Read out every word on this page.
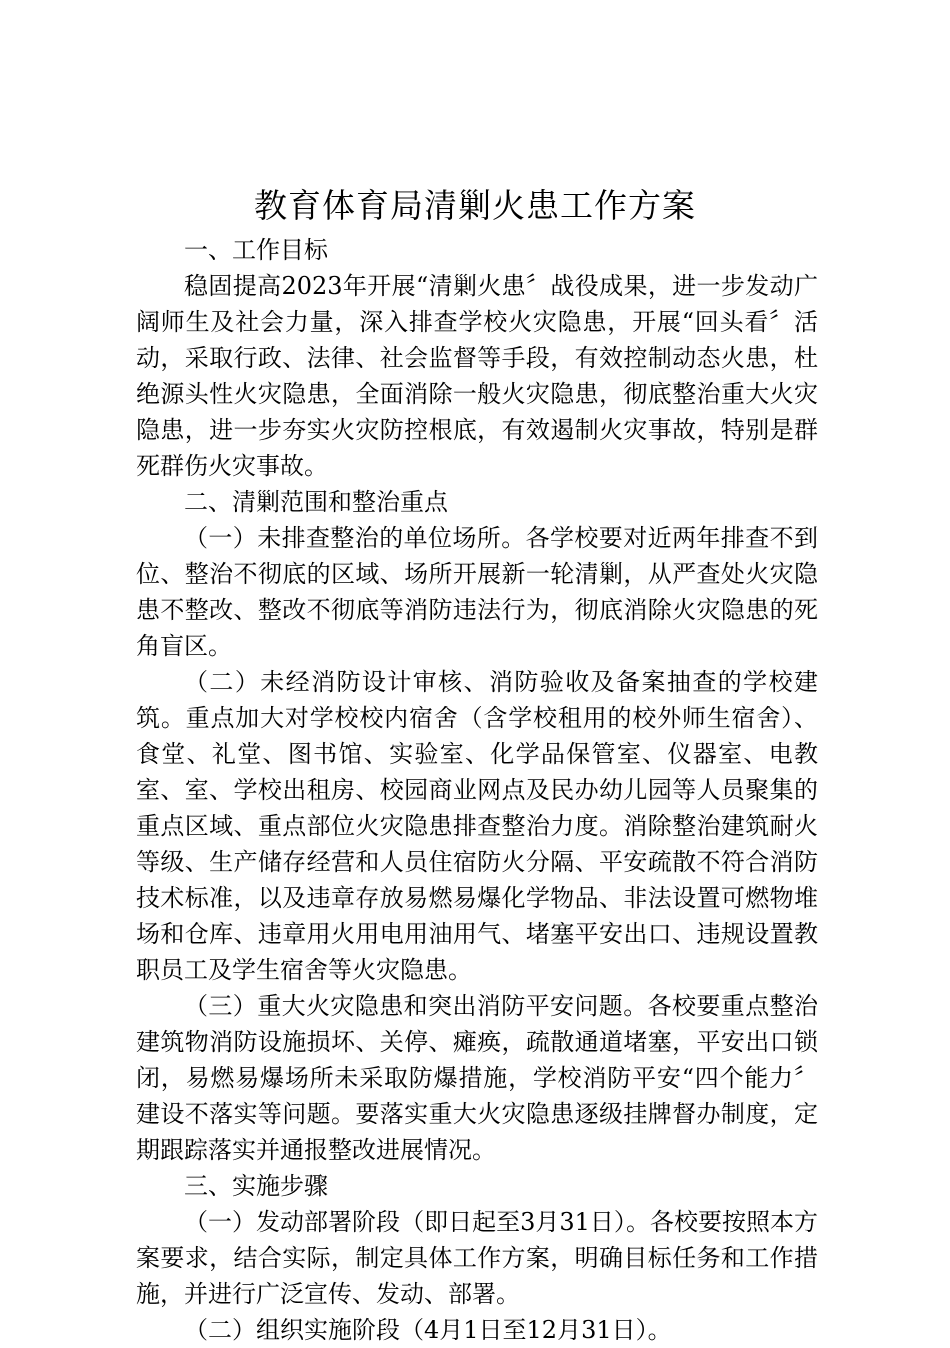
教育体育局清剿火患工作方案

一、工作目标

稳固提高2023年开展“清剿火患〞战役成果，进一步发动广阔师生及社会力量，深入排查学校火灾隐患，开展“回头看〞活动，采取行政、法律、社会监督等手段，有效控制动态火患，杜绝源头性火灾隐患，全面消除一般火灾隐患，彻底整治重大火灾隐患，进一步夯实火灾防控根底，有效遏制火灾事故，特别是群死群伤火灾事故。

二、清剿范围和整治重点

（一）未排查整治的单位场所。各学校要对近两年排查不到位、整治不彻底的区域、场所开展新一轮清剿，从严查处火灾隐患不整改、整改不彻底等消防违法行为，彻底消除火灾隐患的死角盲区。

（二）未经消防设计审核、消防验收及备案抽查的学校建筑。重点加大对学校校内宿舍（含学校租用的校外师生宿舍）、食堂、礼堂、图书馆、实验室、化学品保管室、仪器室、电教室、室、学校出租房、校园商业网点及民办幼儿园等人员聚集的重点区域、重点部位火灾隐患排查整治力度。消除整治建筑耐火等级、生产储存经营和人员住宿防火分隔、平安疏散不符合消防技术标准，以及违章存放易燃易爆化学物品、非法设置可燃物堆场和仓库、违章用火用电用油用气、堵塞平安出口、违规设置教职员工及学生宿舍等火灾隐患。

（三）重大火灾隐患和突出消防平安问题。各校要重点整治建筑物消防设施损坏、关停、瘫痪，疏散通道堵塞，平安出口锁闭，易燃易爆场所未采取防爆措施，学校消防平安“四个能力〞建设不落实等问题。要落实重大火灾隐患逐级挂牌督办制度，定期跟踪落实并通报整改进展情况。

三、实施步骤

（一）发动部署阶段（即日起至3月31日）。各校要按照本方案要求，结合实际，制定具体工作方案，明确目标任务和工作措施，并进行广泛宣传、发动、部署。

（二）组织实施阶段（4月1日至12月31日）。
